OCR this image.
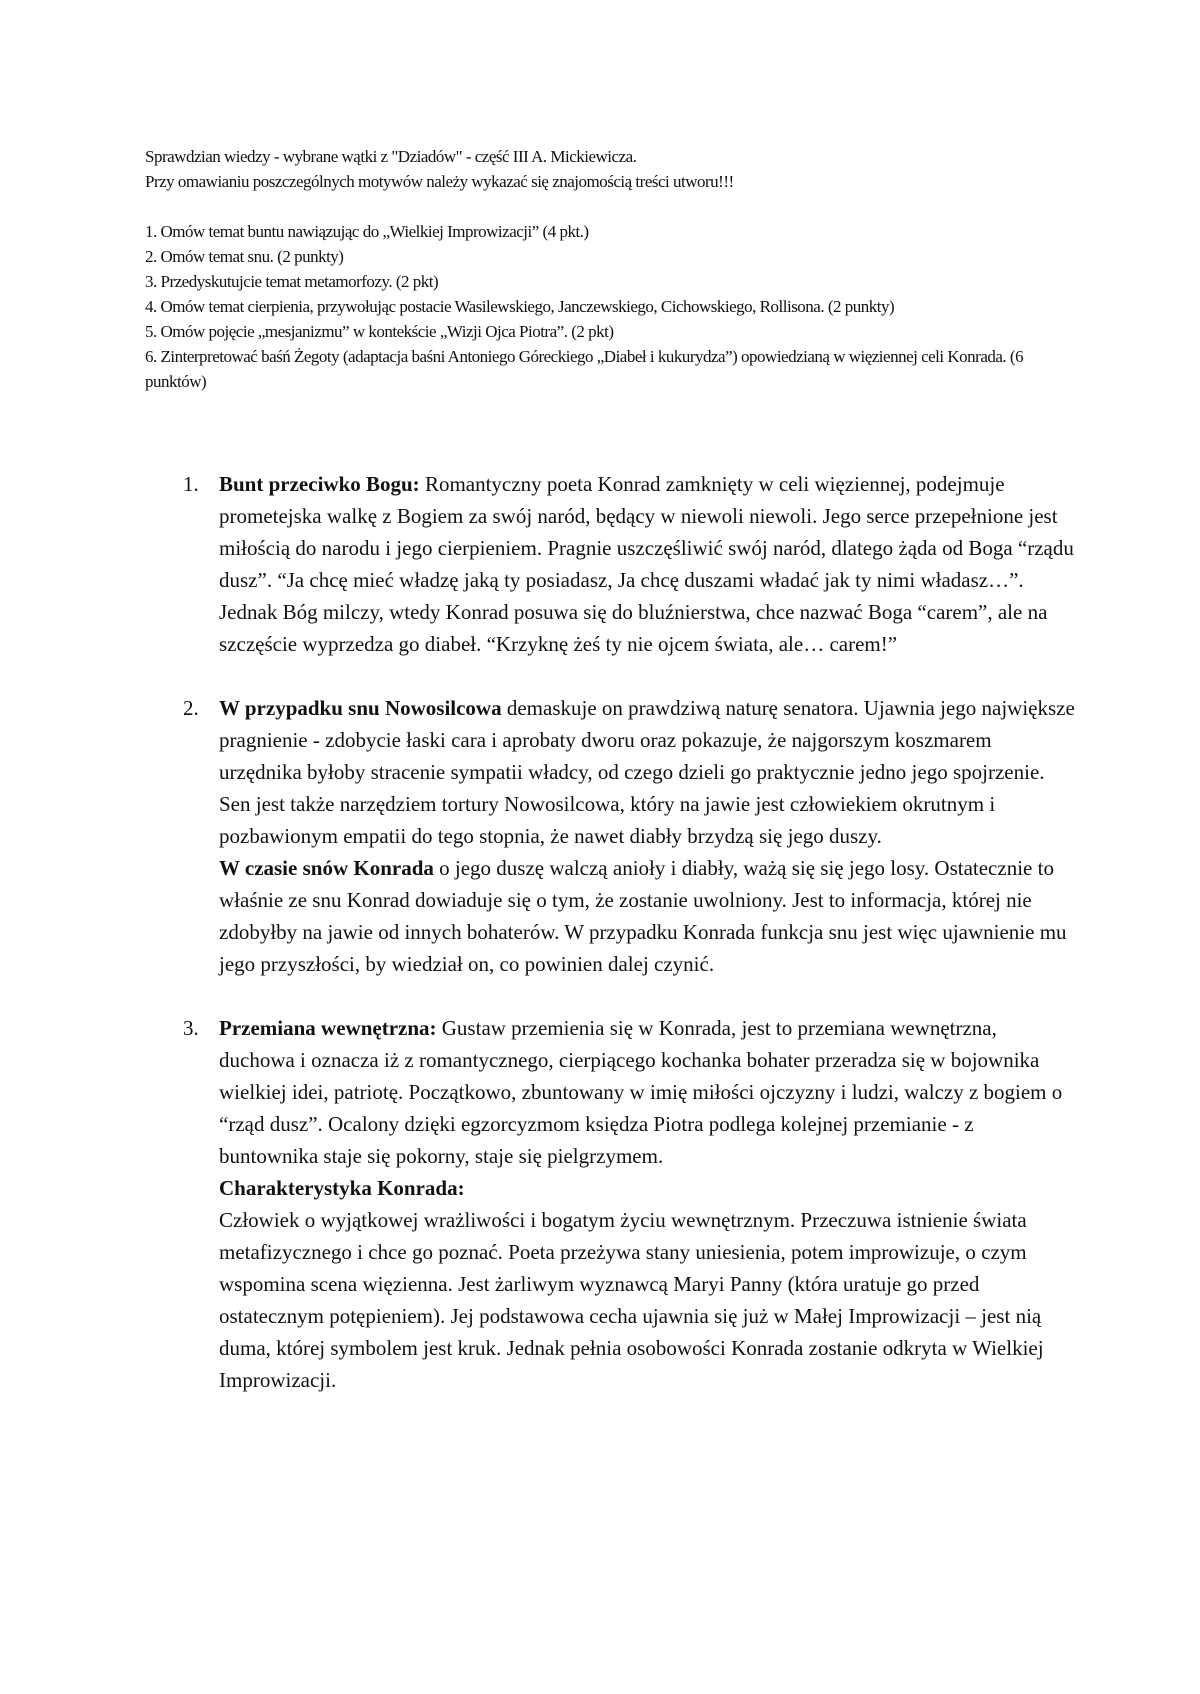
Sprawdzian wiedzy - wybrane wątki z "Dziadów" - część III A. Mickiewicza.

Przy omawianiu poszczególnych motywów należy wykazać się znajomością treści utworu!!!

1. Omów temat buntu nawiązując do „Wielkiej Improwizacji” (4 pkt.)

2. Omów temat snu. (2 punkty)

3. Przedyskutujcie temat metamorfozy. (2 pkt)

4. Omów temat cierpienia, przywołując postacie Wasilewskiego, Janczewskiego, Cichowskiego, Rollisona. (2 punkty)

5. Omów pojęcie „mesjanizmu” w kontekście „Wizji Ojca Piotra”. (2 pkt)

6. Zinterpretować baśń Żegoty (adaptacja baśni Antoniego Góreckiego „Diabeł i kukurydza”) opowiedzianą w więziennej celi Konrada. (6 punktów)

1. Bunt przeciwko Bogu: Romantyczny poeta Konrad zamknięty w celi więziennej, podejmuje prometejska walkę z Bogiem za swój naród, będący w niewoli niewoli. Jego serce przepełnione jest miłością do narodu i jego cierpieniem. Pragnie uszczęśliwić swój naród, dlatego żąda od Boga “rządu dusz”. “Ja chcę mieć władzę jaką ty posiadasz, Ja chcę duszami władać jak ty nimi władasz…”. Jednak Bóg milczy, wtedy Konrad posuwa się do bluźnierstwa, chce nazwać Boga “carem”, ale na szczęście wyprzedza go diabeł. “Krzyknę żeś ty nie ojcem świata, ale… carem!”

2. W przypadku snu Nowosilcowa demaskuje on prawdziwą naturę senatora. Ujawnia jego największe pragnienie - zdobycie łaski cara i aprobaty dworu oraz pokazuje, że najgorszym koszmarem urzędnika byłoby stracenie sympatii władcy, od czego dzieli go praktycznie jedno jego spojrzenie. Sen jest także narzędziem tortury Nowosilcowa, który na jawie jest człowiekiem okrutnym i pozbawionym empatii do tego stopnia, że nawet diabły brzydzą się jego duszy.

W czasie snów Konrada o jego duszę walczą anioły i diabły, ważą się się jego losy. Ostatecznie to właśnie ze snu Konrad dowiaduje się o tym, że zostanie uwolniony. Jest to informacja, której nie zdobyłby na jawie od innych bohaterów. W przypadku Konrada funkcja snu jest więc ujawnienie mu jego przyszłości, by wiedział on, co powinien dalej czynić.

3. Przemiana wewnętrzna: Gustaw przemienia się w Konrada, jest to przemiana wewnętrzna, duchowa i oznacza iż z romantycznego, cierpiącego kochanka bohater przeradza się w bojownika wielkiej idei, patriotę. Początkowo, zbuntowany w imię miłości ojczyzny i ludzi, walczy z bogiem o “rząd dusz”. Ocalony dzięki egzorcyzmom księdza Piotra podlega kolejnej przemianie - z buntownika staje się pokorny, staje się pielgrzymem.

Charakterystyka Konrada:

Człowiek o wyjątkowej wrażliwości i bogatym życiu wewnętrznym. Przeczuwa istnienie świata metafizycznego i chce go poznać. Poeta przeżywa stany uniesienia, potem improwizuje, o czym wspomina scena więzienna. Jest żarliwym wyznawcą Maryi Panny (która uratuje go przed ostatecznym potępieniem). Jej podstawowa cecha ujawnia się już w Małej Improwizacji – jest nią duma, której symbolem jest kruk. Jednak pełnia osobowości Konrada zostanie odkryta w Wielkiej Improwizacji.
